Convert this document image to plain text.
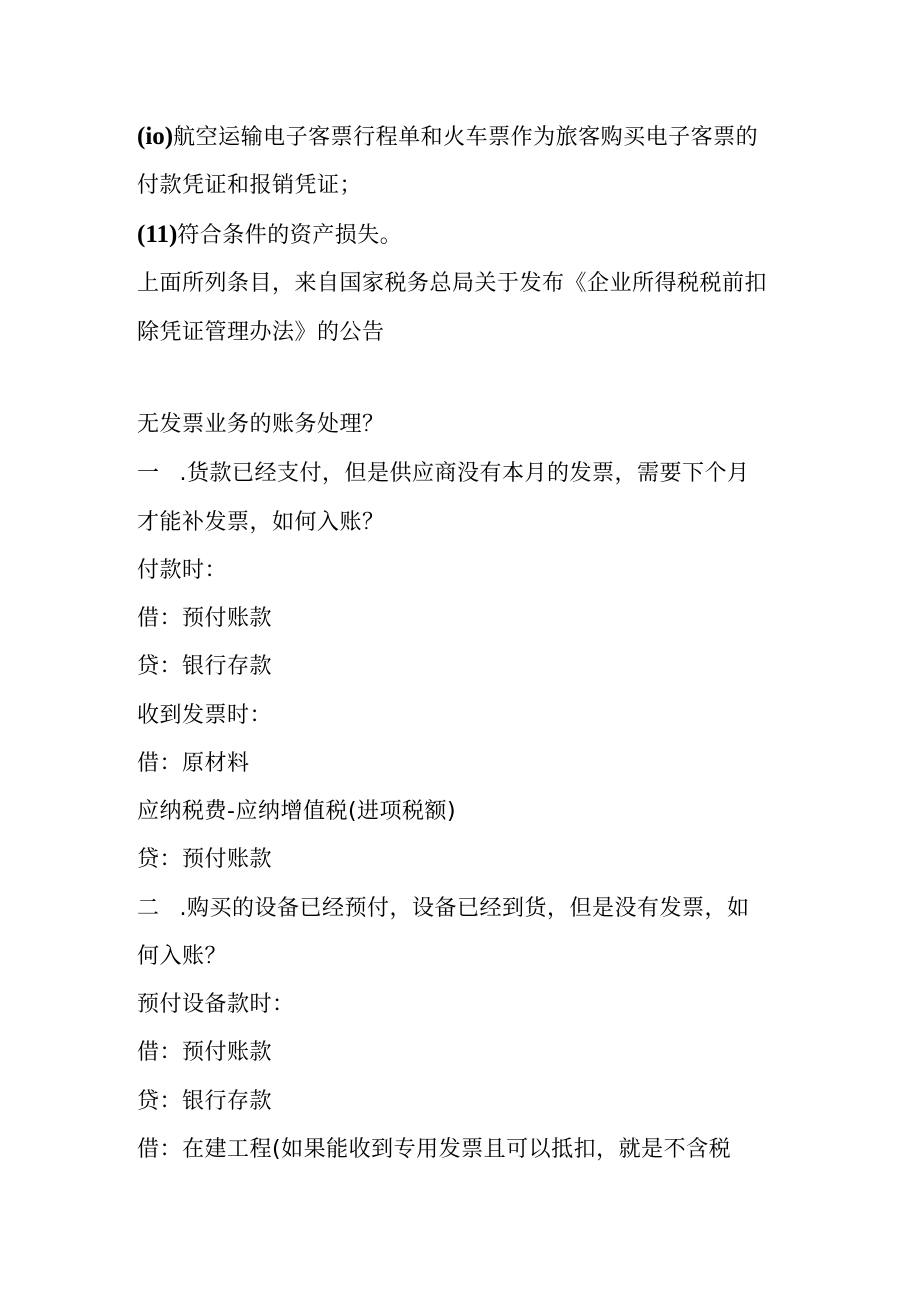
(io)航空运输电子客票行程单和火车票作为旅客购买电子客票的
付款凭证和报销凭证；
(11)符合条件的资产损失。
上面所列条目，来自国家税务总局关于发布《企业所得税税前扣
除凭证管理办法》的公告
无发票业务的账务处理？
一 .货款已经支付，但是供应商没有本月的发票，需要下个月
才能补发票，如何入账？
付款时：
借：预付账款
贷：银行存款
收到发票时：
借：原材料
应纳税费-应纳增值税(进项税额)
贷：预付账款
二 .购买的设备已经预付，设备已经到货，但是没有发票，如
何入账？
预付设备款时：
借：预付账款
贷：银行存款
借：在建工程(如果能收到专用发票且可以抵扣，就是不含税
